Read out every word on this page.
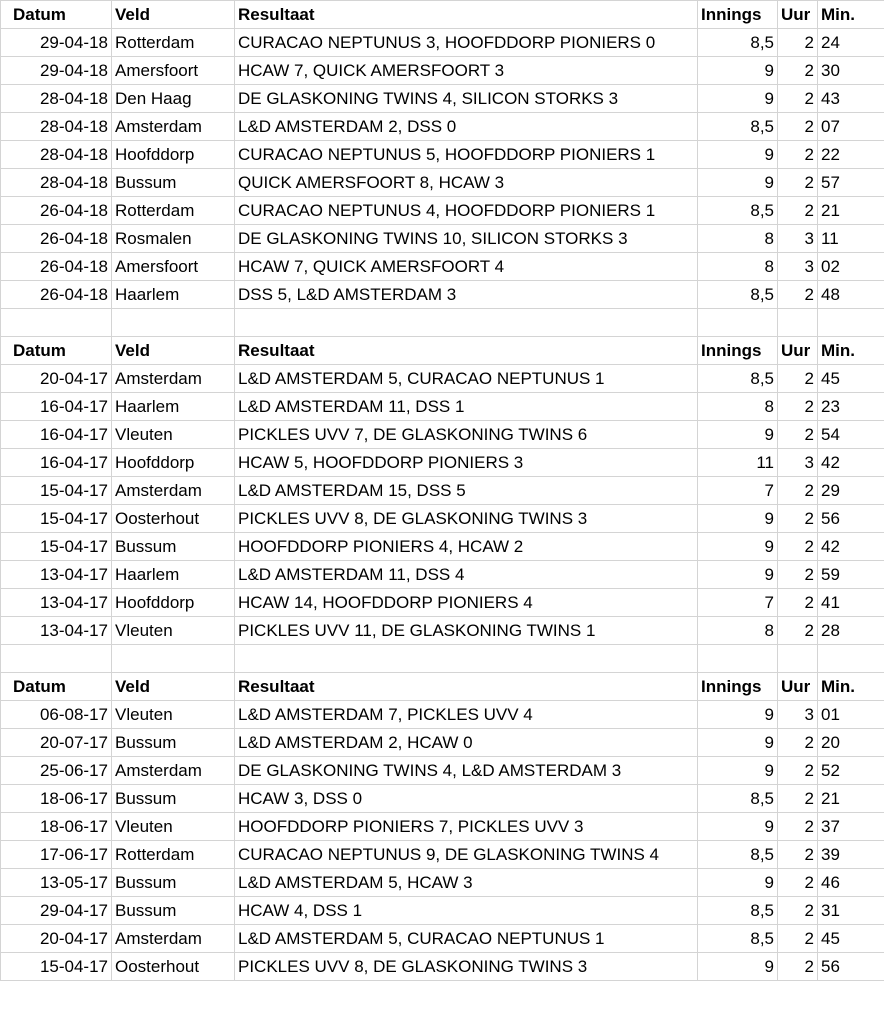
Datum	Veld	Resultaat	Innings	Uur	Min.
29-04-18	Rotterdam	CURACAO NEPTUNUS 3, HOOFDDORP PIONIERS 0	8,5	2	24
29-04-18	Amersfoort	HCAW 7, QUICK AMERSFOORT 3	9	2	30
28-04-18	Den Haag	DE GLASKONING TWINS 4, SILICON STORKS 3	9	2	43
28-04-18	Amsterdam	L&D AMSTERDAM 2, DSS 0	8,5	2	07
28-04-18	Hoofddorp	CURACAO NEPTUNUS 5, HOOFDDORP PIONIERS 1	9	2	22
28-04-18	Bussum	QUICK AMERSFOORT 8, HCAW 3	9	2	57
26-04-18	Rotterdam	CURACAO NEPTUNUS 4, HOOFDDORP PIONIERS 1	8,5	2	21
26-04-18	Rosmalen	DE GLASKONING TWINS 10, SILICON STORKS 3	8	3	11
26-04-18	Amersfoort	HCAW 7, QUICK AMERSFOORT 4	8	3	02
26-04-18	Haarlem	DSS 5, L&D AMSTERDAM 3	8,5	2	48

Datum	Veld	Resultaat	Innings	Uur	Min.
20-04-17	Amsterdam	L&D AMSTERDAM 5, CURACAO NEPTUNUS 1	8,5	2	45
16-04-17	Haarlem	L&D AMSTERDAM 11, DSS 1	8	2	23
16-04-17	Vleuten	PICKLES UVV 7, DE GLASKONING TWINS 6	9	2	54
16-04-17	Hoofddorp	HCAW 5, HOOFDDORP PIONIERS 3	11	3	42
15-04-17	Amsterdam	L&D AMSTERDAM 15, DSS 5	7	2	29
15-04-17	Oosterhout	PICKLES UVV 8, DE GLASKONING TWINS 3	9	2	56
15-04-17	Bussum	HOOFDDORP PIONIERS 4, HCAW 2	9	2	42
13-04-17	Haarlem	L&D AMSTERDAM 11, DSS 4	9	2	59
13-04-17	Hoofddorp	HCAW 14, HOOFDDORP PIONIERS 4	7	2	41
13-04-17	Vleuten	PICKLES UVV 11, DE GLASKONING TWINS 1	8	2	28

Datum	Veld	Resultaat	Innings	Uur	Min.
06-08-17	Vleuten	L&D AMSTERDAM 7, PICKLES UVV 4	9	3	01
20-07-17	Bussum	L&D AMSTERDAM 2, HCAW 0	9	2	20
25-06-17	Amsterdam	DE GLASKONING TWINS 4, L&D AMSTERDAM 3	9	2	52
18-06-17	Bussum	HCAW 3, DSS 0	8,5	2	21
18-06-17	Vleuten	HOOFDDORP PIONIERS 7, PICKLES UVV 3	9	2	37
17-06-17	Rotterdam	CURACAO NEPTUNUS 9, DE GLASKONING TWINS 4	8,5	2	39
13-05-17	Bussum	L&D AMSTERDAM 5, HCAW 3	9	2	46
29-04-17	Bussum	HCAW 4, DSS 1	8,5	2	31
20-04-17	Amsterdam	L&D AMSTERDAM 5, CURACAO NEPTUNUS 1	8,5	2	45
15-04-17	Oosterhout	PICKLES UVV 8, DE GLASKONING TWINS 3	9	2	56
